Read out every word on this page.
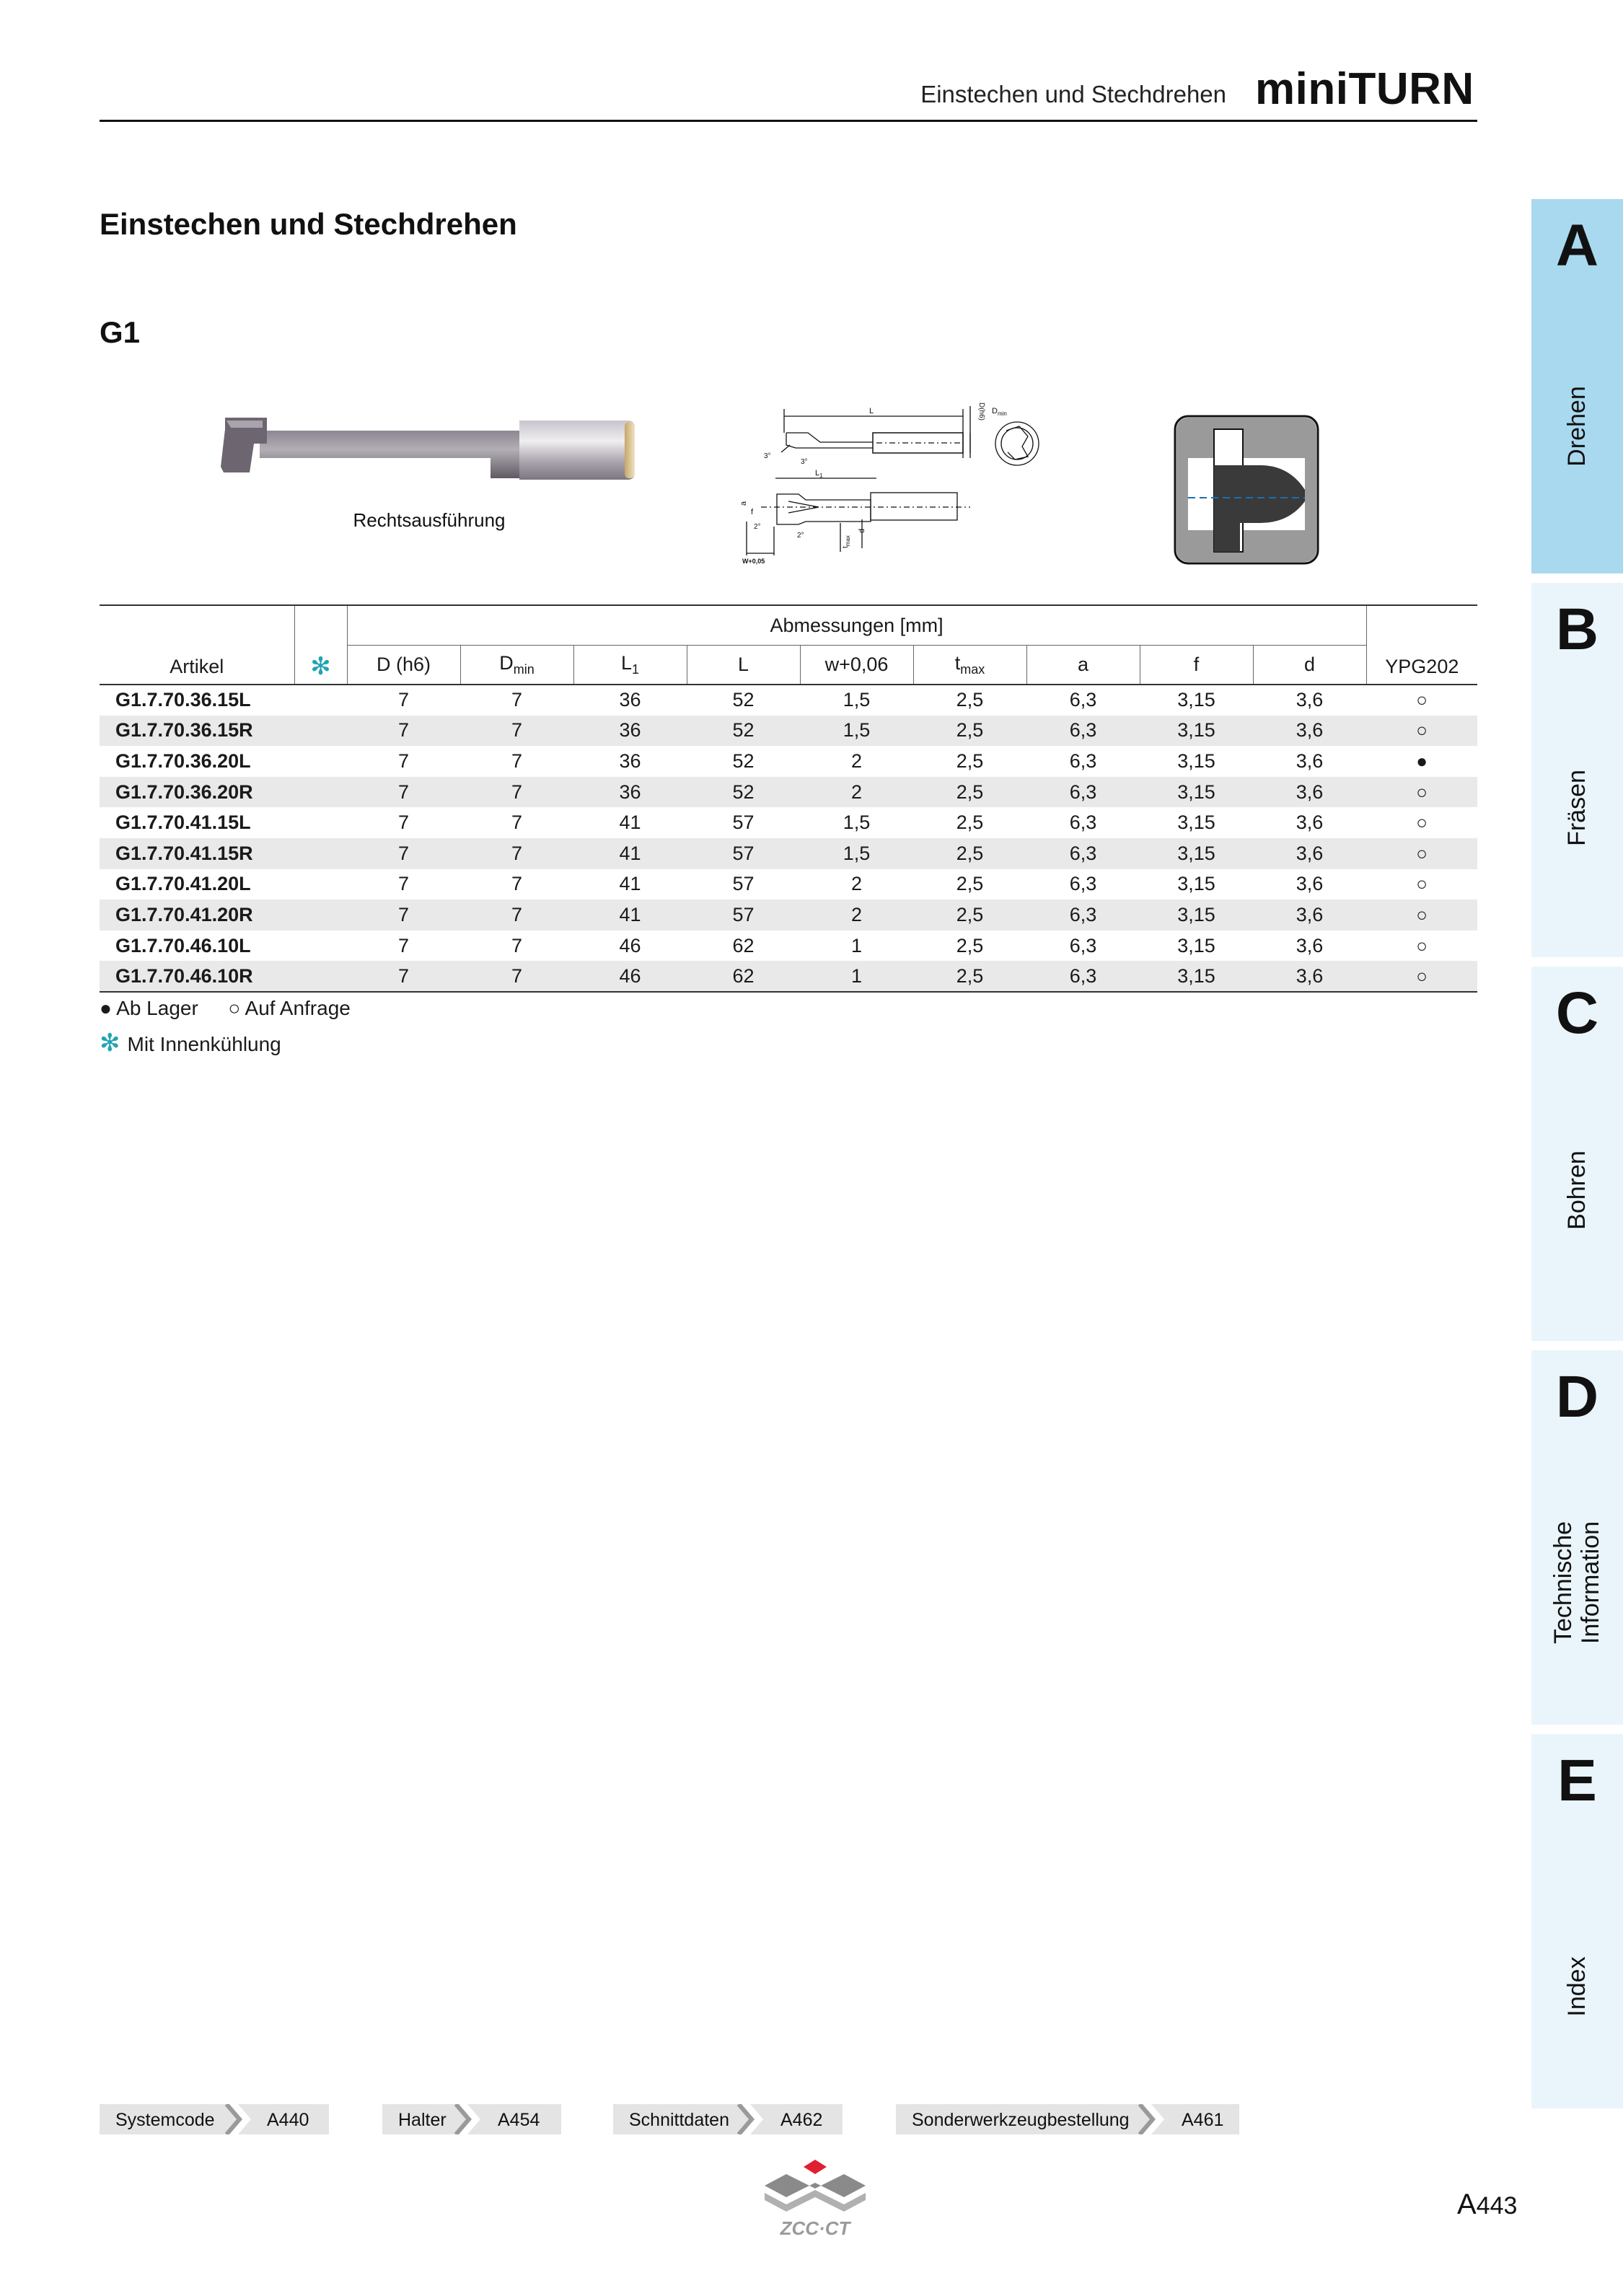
Einstechen und Stechdrehen miniTURN
Einstechen und Stechdrehen
G1
Rechtsausführung
L	D(h6)
3°
3°
$D_{min}$
$L_1$
a
f
2°
2°
$t_{max}$
d
W+0,05
Artikel	✻	Abmessungen [mm]									YPG202
		D (h6)	$D_{min}$	$L_1$	L	w+0,06	$t_{max}$	a	f	d	
G1.7.70.36.15L		7	7	36	52	1,5	2,5	6,3	3,15	3,6	○
G1.7.70.36.15R		7	7	36	52	1,5	2,5	6,3	3,15	3,6	○
G1.7.70.36.20L		7	7	36	52	2	2,5	6,3	3,15	3,6	●
G1.7.70.36.20R		7	7	36	52	2	2,5	6,3	3,15	3,6	○
G1.7.70.41.15L		7	7	41	57	1,5	2,5	6,3	3,15	3,6	○
G1.7.70.41.15R		7	7	41	57	1,5	2,5	6,3	3,15	3,6	○
G1.7.70.41.20L		7	7	41	57	2	2,5	6,3	3,15	3,6	○
G1.7.70.41.20R		7	7	41	57	2	2,5	6,3	3,15	3,6	○
G1.7.70.46.10L		7	7	46	62	1	2,5	6,3	3,15	3,6	○
G1.7.70.46.10R		7	7	46	62	1	2,5	6,3	3,15	3,6	○
● Ab Lager ○ Auf Anfrage
✻ Mit Innenkühlung
A
Drehen
B
Fräsen
C
Bohren
D
Technische
Information
E
Index
Systemcode	A440	Halter	A454	Schnittdaten	A462	Sonderwerkzeugbestellung	A461
ZCC·CT
A443
